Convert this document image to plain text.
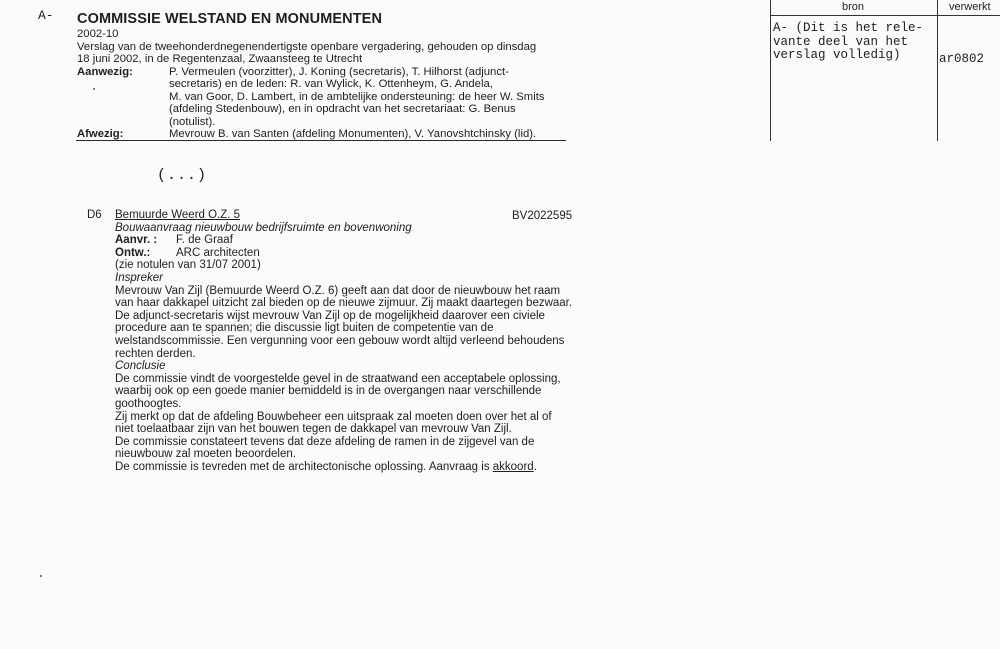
A- COMMISSIE WELSTAND EN MONUMENTEN
2002-10
Verslag van de tweehonderdnegenendertigste openbare vergadering, gehouden op dinsdag
18 juni 2002, in de Regentenzaal, Zwaansteeg te Utrecht
Aanwezig:	P. Vermeulen (voorzitter), J. Koning (secretaris), T. Hilhorst (adjunct-
secretaris) en de leden: R. van Wylick, K. Ottenheym, G. Andela,
M. van Goor, D. Lambert, in de ambtelijke ondersteuning: de heer W. Smits
(afdeling Stedenbouw), en in opdracht van het secretariaat: G. Benus
(notulist).
Afwezig:	Mevrouw B. van Santen (afdeling Monumenten), V. Yanovshtchinsky (lid).
(...)
bron	verwerkt
A- (Dit is het rele-
vante deel van het
verslag volledig)	ar0802
D6	BV2022595
Bemuurde Weerd O.Z. 5
Bouwaanvraag nieuwbouw bedrijfsruimte en bovenwoning
Aanvr. :	F. de Graaf
Ontw.:	ARC architecten
(zie notulen van 31/07 2001)
Inspreker
Mevrouw Van Zijl (Bemuurde Weerd O.Z. 6) geeft aan dat door de nieuwbouw het raam
van haar dakkapel uitzicht zal bieden op de nieuwe zijmuur. Zij maakt daartegen bezwaar.
De adjunct-secretaris wijst mevrouw Van Zijl op de mogelijkheid daarover een civiele
procedure aan te spannen; die discussie ligt buiten de competentie van de
welstandscommissie. Een vergunning voor een gebouw wordt altijd verleend behoudens
rechten derden.
Conclusie
De commissie vindt de voorgestelde gevel in de straatwand een acceptabele oplossing,
waarbij ook op een goede manier bemiddeld is in de overgangen naar verschillende
goothoogtes.
Zij merkt op dat de afdeling Bouwbeheer een uitspraak zal moeten doen over het al of
niet toelaatbaar zijn van het bouwen tegen de dakkapel van mevrouw Van Zijl.
De commissie constateert tevens dat deze afdeling de ramen in de zijgevel van de
nieuwbouw zal moeten beoordelen.
De commissie is tevreden met de architectonische oplossing. Aanvraag is akkoord.
